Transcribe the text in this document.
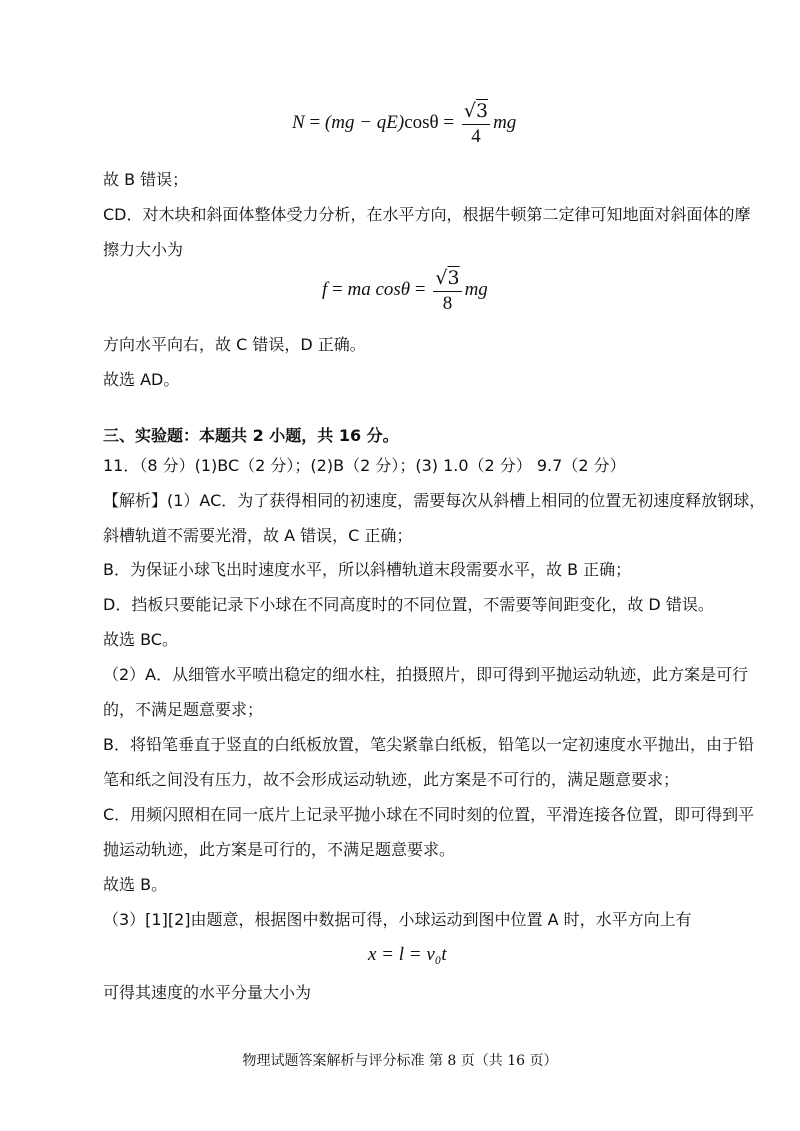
$N = (mg - qE)\cos\theta = \frac{√3}{4}$ mg
故 B 错误；
CD．对木块和斜面体整体受力分析，在水平方向，根据牛顿第二定律可知地面对斜面体的摩
擦力大小为
f = ma $\cos\theta = \frac{√3}{8}$ mg
方向水平向右，故 C 错误，D 正确。
故选 AD。
三、实验题：本题共 2 小题，共 16 分。
11．（8 分）(1)BC（2 分）；(2)B（2 分）；(3) 1.0（2 分） 9.7（2 分）
【解析】(1）AC．为了获得相同的初速度，需要每次从斜槽上相同的位置无初速度释放钢球，
斜槽轨道不需要光滑，故 A 错误，C 正确；
B．为保证小球飞出时速度水平，所以斜槽轨道末段需要水平，故 B 正确；
D．挡板只要能记录下小球在不同高度时的不同位置，不需要等间距变化，故 D 错误。
故选 BC。
（2）A．从细管水平喷出稳定的细水柱，拍摄照片，即可得到平抛运动轨迹，此方案是可行
的，不满足题意要求；
B．将铅笔垂直于竖直的白纸板放置，笔尖紧靠白纸板，铅笔以一定初速度水平抛出，由于铅
笔和纸之间没有压力，故不会形成运动轨迹，此方案是不可行的，满足题意要求；
C．用频闪照相在同一底片上记录平抛小球在不同时刻的位置，平滑连接各位置，即可得到平
抛运动轨迹，此方案是可行的，不满足题意要求。
故选 B。
（3）[1][2]由题意，根据图中数据可得，小球运动到图中位置 A 时，水平方向上有
x = l = v₀t
可得其速度的水平分量大小为
物理试题答案解析与评分标准 第 8 页（共 16 页）
